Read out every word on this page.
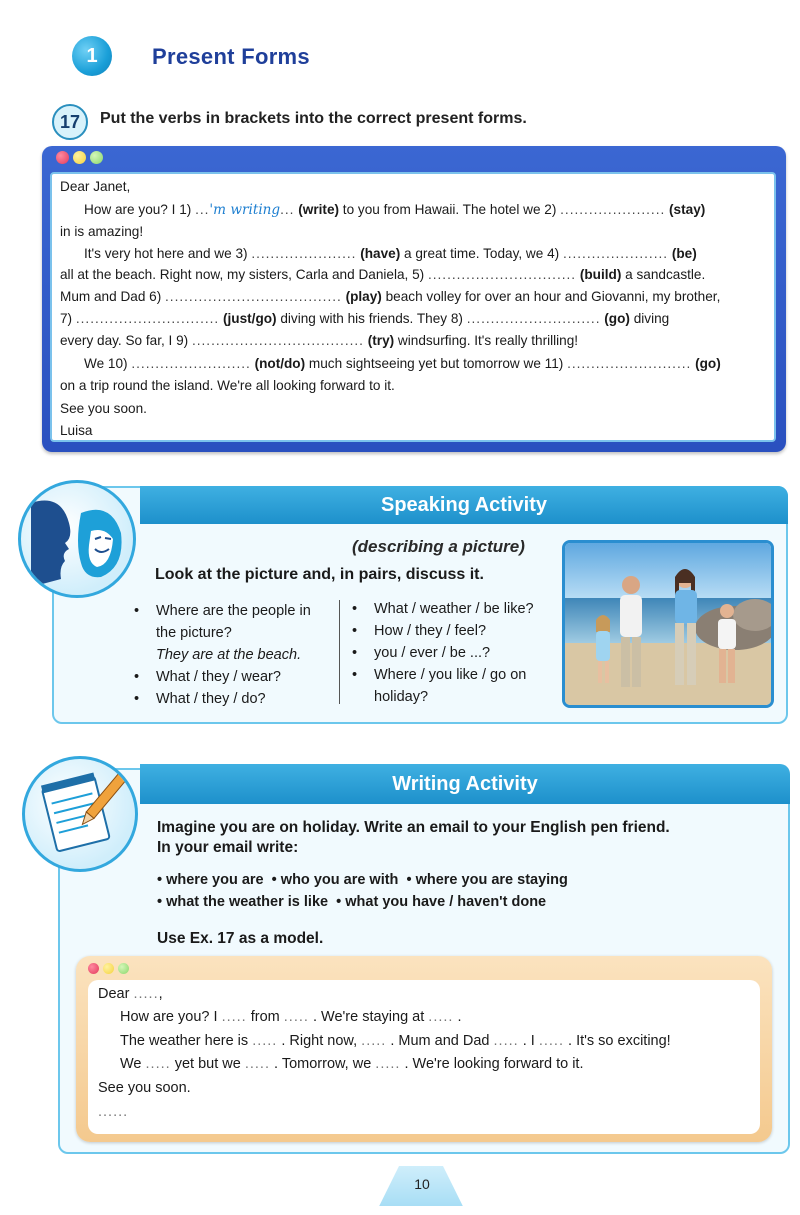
1 Present Forms
17 Put the verbs in brackets into the correct present forms.
Dear Janet,
How are you? I 1) ...'m writing... (write) to you from Hawaii. The hotel we 2) ...................... (stay)
in is amazing!
It's very hot here and we 3) ...................... (have) a great time. Today, we 4) ...................... (be)
all at the beach. Right now, my sisters, Carla and Daniela, 5) ............................... (build) a sandcastle.
Mum and Dad 6) ..................................... (play) beach volley for over an hour and Giovanni, my brother,
7) .............................. (just/go) diving with his friends. They 8) ............................ (go) diving
every day. So far, I 9) .................................... (try) windsurfing. It's really thrilling!
We 10) ......................... (not/do) much sightseeing yet but tomorrow we 11) .......................... (go)
on a trip round the island. We're all looking forward to it.
See you soon.
Luisa
Speaking Activity
(describing a picture)
Look at the picture and, in pairs, discuss it.
• Where are the people in
the picture?
They are at the beach.
• What / they / wear?
• What / they / do?
• What / weather / be like?
• How / they / feel?
• you / ever / be ...?
• Where / you like / go on
holiday?
Writing Activity
Imagine you are on holiday. Write an email to your English pen friend.
In your email write:
• where you are  • who you are with  • where you are staying
• what the weather is like  • what you have / haven't done
Use Ex. 17 as a model.
Dear .....,
How are you? I ..... from ..... . We're staying at ..... .
The weather here is ..... . Right now, ..... . Mum and Dad ..... . I ..... . It's so exciting!
We ..... yet but we ..... . Tomorrow, we ..... . We're looking forward to it.
See you soon.
......
10
